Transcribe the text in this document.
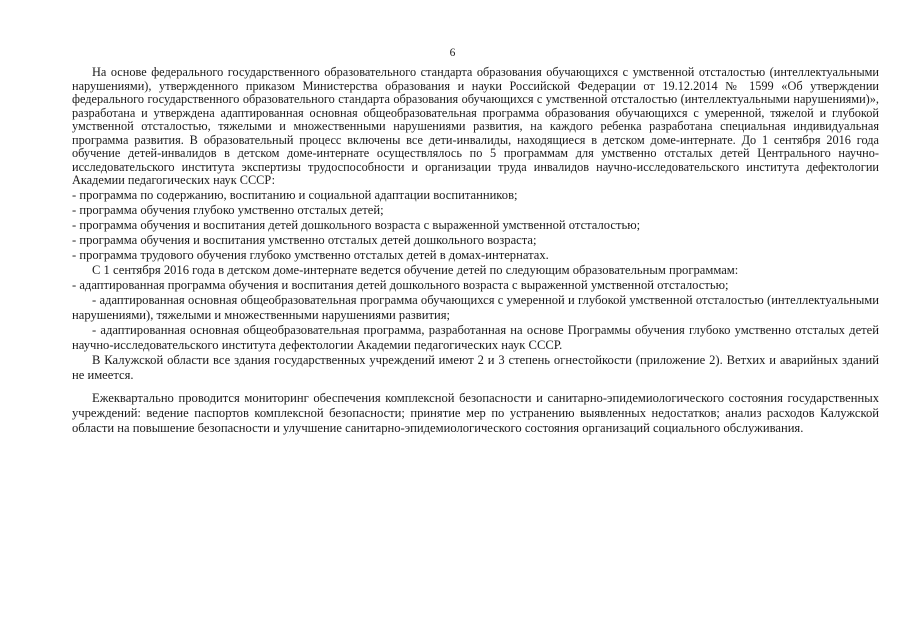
6

На основе федерального государственного образовательного стандарта образования обучающихся с умственной отсталостью (интеллектуальными нарушениями), утвержденного приказом Министерства образования и науки Российской Федерации от 19.12.2014 № 1599 «Об утверждении федерального государственного образовательного стандарта образования обучающихся с умственной отсталостью (интеллектуальными нарушениями)», разработана и утверждена адаптированная основная общеобразовательная программа образования обучающихся с умеренной, тяжелой и глубокой умственной отсталостью, тяжелыми и множественными нарушениями развития, на каждого ребенка разработана специальная индивидуальная программа развития. В образовательный процесс включены все дети-инвалиды, находящиеся в детском доме-интернате. До 1 сентября 2016 года обучение детей-инвалидов в детском доме-интернате осуществлялось по 5 программам для умственно отсталых детей Центрального научно-исследовательского института экспертизы трудоспособности и организации труда инвалидов научно-исследовательского института дефектологии Академии педагогических наук СССР:

- программа по содержанию, воспитанию и социальной адаптации воспитанников;

- программа обучения глубоко умственно отсталых детей;

- программа обучения и воспитания детей дошкольного возраста с выраженной умственной отсталостью;

- программа обучения и воспитания умственно отсталых детей дошкольного возраста;

- программа трудового обучения глубоко умственно отсталых детей в домах-интернатах.

С 1 сентября 2016 года в детском доме-интернате ведется обучение детей по следующим образовательным программам:

- адаптированная программа обучения и воспитания детей дошкольного возраста с выраженной умственной отсталостью;

- адаптированная основная общеобразовательная программа обучающихся с умеренной и глубокой умственной отсталостью (интеллектуальными нарушениями), тяжелыми и множественными нарушениями развития;

- адаптированная основная общеобразовательная программа, разработанная на основе Программы обучения глубоко умственно отсталых детей научно-исследовательского института дефектологии Академии педагогических наук СССР.

В Калужской области все здания государственных учреждений имеют 2 и 3 степень огнестойкости (приложение 2). Ветхих и аварийных зданий не имеется.

Ежеквартально проводится мониторинг обеспечения комплексной безопасности и санитарно-эпидемиологического состояния государственных учреждений: ведение паспортов комплексной безопасности; принятие мер по устранению выявленных недостатков; анализ расходов Калужской области на повышение безопасности и улучшение санитарно-эпидемиологического состояния организаций социального обслуживания.
